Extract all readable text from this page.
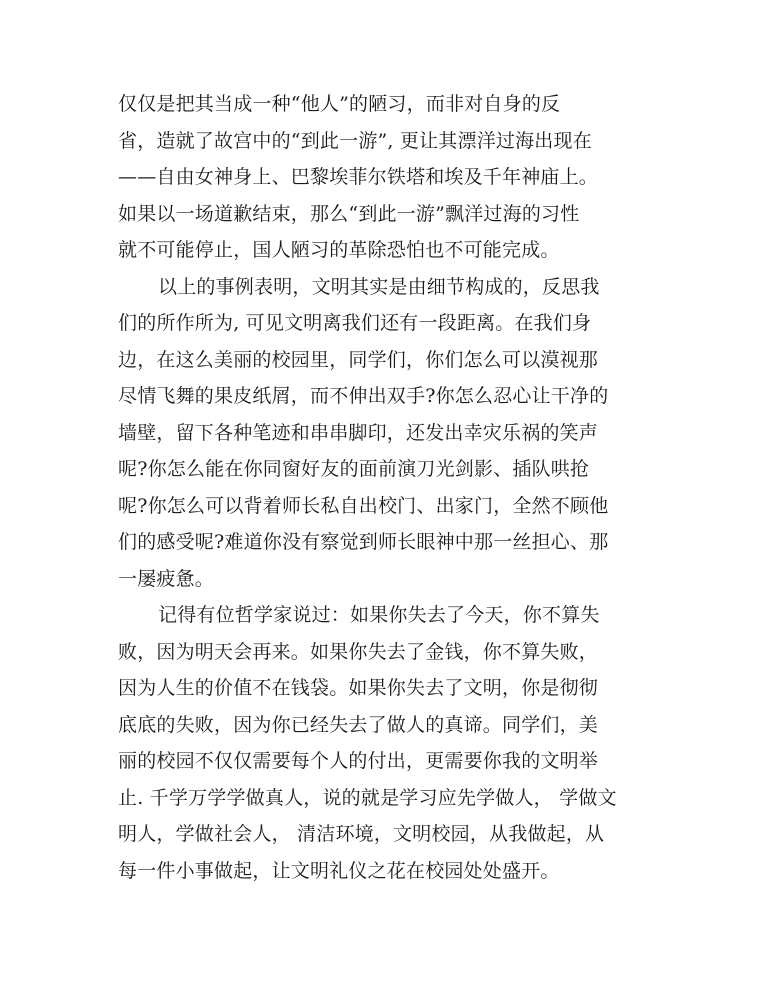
仅仅是把其当成一种“他人”的陋习，而非对自身的反
省，造就了故宫中的“到此一游”, 更让其漂洋过海出现在
——自由女神身上、巴黎埃菲尔铁塔和埃及千年神庙上。
如果以一场道歉结束，那么“到此一游”飘洋过海的习性
就不可能停止，国人陋习的革除恐怕也不可能完成。
以上的事例表明，文明其实是由细节构成的，反思我
们的所作所为, 可见文明离我们还有一段距离。在我们身
边，在这么美丽的校园里，同学们，你们怎么可以漠视那
尽情飞舞的果皮纸屑，而不伸出双手?你怎么忍心让干净的
墙壁，留下各种笔迹和串串脚印，还发出幸灾乐祸的笑声
呢?你怎么能在你同窗好友的面前演刀光剑影、插队哄抢
呢?你怎么可以背着师长私自出校门、出家门，全然不顾他
们的感受呢?难道你没有察觉到师长眼神中那一丝担心、那
一屡疲惫。
记得有位哲学家说过：如果你失去了今天，你不算失
败，因为明天会再来。如果你失去了金钱，你不算失败，
因为人生的价值不在钱袋。如果你失去了文明，你是彻彻
底底的失败，因为你已经失去了做人的真谛。同学们，美
丽的校园不仅仅需要每个人的付出，更需要你我的文明举
止. 千学万学学做真人，说的就是学习应先学做人， 学做文
明人，学做社会人， 清洁环境，文明校园，从我做起，从
每一件小事做起，让文明礼仪之花在校园处处盛开。
